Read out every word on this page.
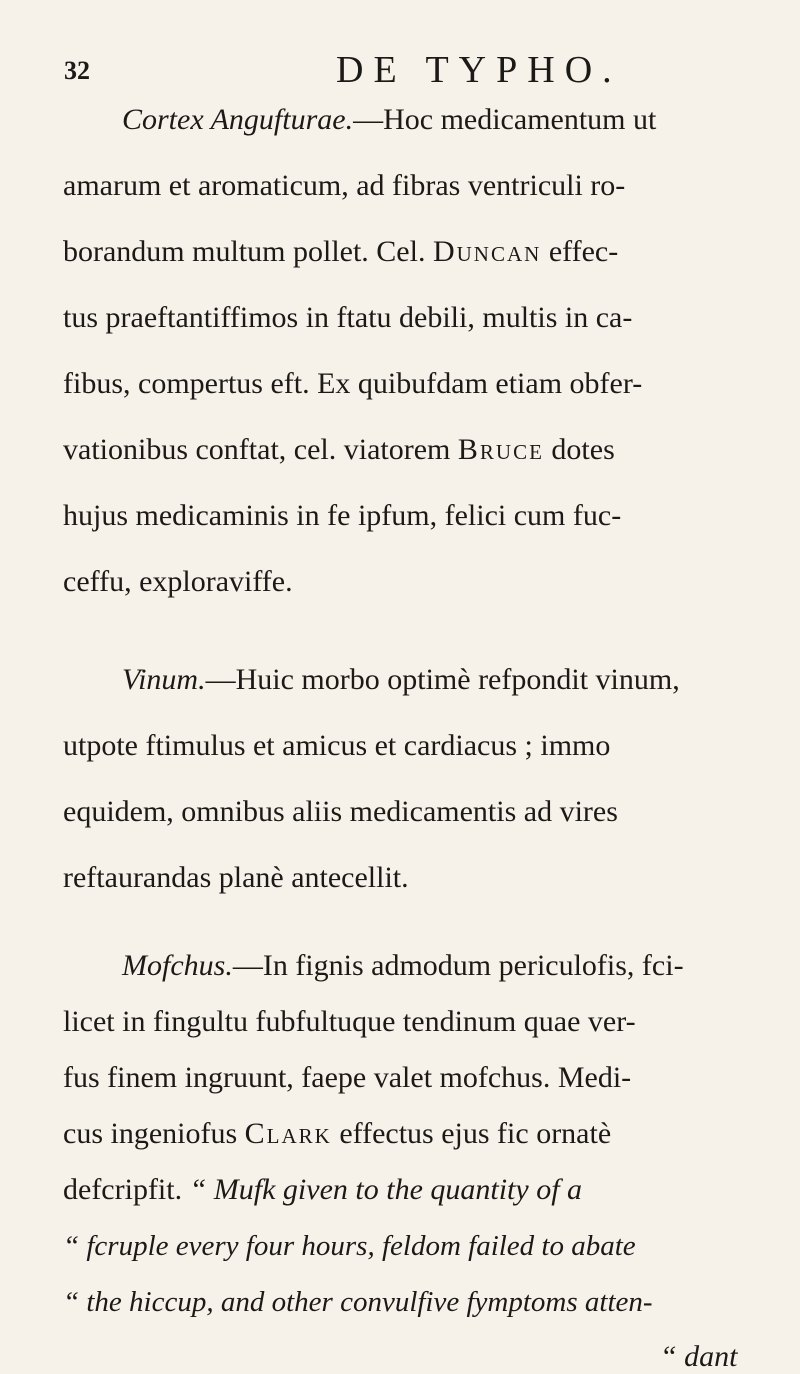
32	DE TYPHO.
Cortex Angufturae.—Hoc medicamentum ut
amarum et aromaticum, ad fibras ventriculi ro-
borandum multum pollet. Cel. Duncan effec-
tus praeftantiffimos in ftatu debili, multis in ca-
fibus, compertus eft. Ex quibufdam etiam obfer-
vationibus conftat, cel. viatorem Bruce dotes
hujus medicaminis in fe ipfum, felici cum fuc-
ceffu, exploraviffe.
Vinum.—Huic morbo optimè refpondit vinum,
utpote ftimulus et amicus et cardiacus ; immo
equidem, omnibus aliis medicamentis ad vires
reftaurandas planè antecellit.
Mofchus.—In fignis admodum periculofis, fci-
licet in fingultu fubfultuque tendinum quae ver-
fus finem ingruunt, faepe valet mofchus. Medi-
cus ingeniofus Clark effectus ejus fic ornatè
defcripfit. “ Mufk given to the quantity of a
“ fcruple every four hours, feldom failed to abate
“ the hiccup, and other convulfive fymptoms atten-
“ dant
